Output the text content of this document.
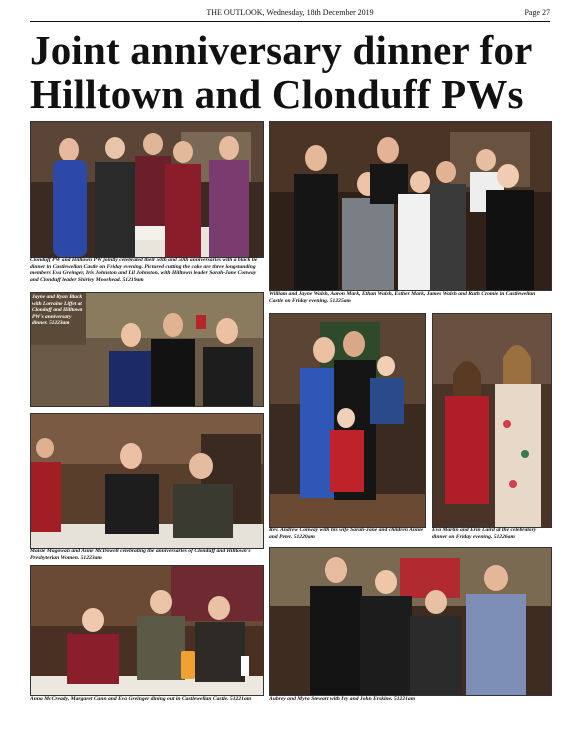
THE OUTLOOK, Wednesday, 18th December 2019	Page 27
Joint anniversary dinner for
Hilltown and Clonduff PWs
Clonduff PW and Hilltown PW jointly celebrated their 50th and 50th anniversaries with a black tie dinner in Castlewellan Castle on Friday evening. Pictured cutting the cake are three longstanding members Eva Greinger, Iris Johnston and Lil Johnston, with Hilltown leader Sarah-Jane Conway and Clonduff leader Shirley Moorhead. 51219am
William and Jayne Walsh, Aaron Mark, Ethan Walsh, Esther Mark, James Walsh and Ruth Cromie in Castlewellan Castle on Friday evening. 51225am
Jayne and Ryan Black with Lorraine Liffet at Clonduff and Hilltown PW's anniversary dinner. 51223am
Rev. Andrew Conway with his wife Sarah-Jane and children Annie and Peter. 51220am
Eva Martin and Erin Laird at the celebratory dinner on Friday evening. 51226am
Maisie Magowan and Anne McDowell celebrating the anniversaries of Clonduff and Hilltown's Presbyterian Women. 51223am
Anna McCready, Margaret Cann and Eva Greinger dining out in Castlewellan Castle. 51221am	Aubrey and Myra Stewart with Ivy and John Erskine. 51221am
